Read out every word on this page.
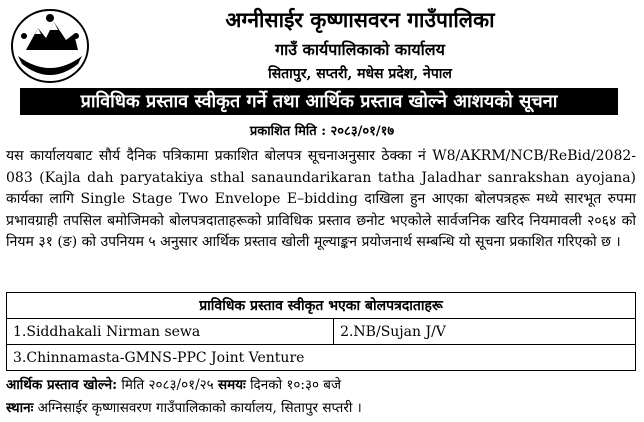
अग्नीसाईर कृष्णासवरन गाउँपालिका
गाउँ कार्यपालिकाको कार्यालय
सितापुर, सप्तरी, मधेस प्रदेश, नेपाल
प्राविधिक प्रस्ताव स्वीकृत गर्ने तथा आर्थिक प्रस्ताव खोल्ने आशयको सूचना
प्रकाशित मिति : २०८३/०१/१७

यस कार्यालयबाट सौर्य दैनिक पत्रिकामा प्रकाशित बोलपत्र सूचनाअनुसार ठेक्का नं W8/AKRM/NCB/ReBid/2082-083 (Kajla dah paryatakiya sthal sanaundarikaran tatha Jaladhar sanrakshan ayojana) कार्यका लागि Single Stage Two Envelope E–bidding दाखिला हुन आएका बोलपत्रहरू मध्ये सारभूत रुपमा प्रभावग्राही तपसिल बमोजिमको बोलपत्रदाताहरूको प्राविधिक प्रस्ताव छनोट भएकोले सार्वजनिक खरिद नियमावली २०६४ को नियम ३१ (ङ) को उपनियम ५ अनुसार आर्थिक प्रस्ताव खोली मूल्याङ्कन प्रयोजनार्थ सम्बन्धि यो सूचना प्रकाशित गरिएको छ ।

प्राविधिक प्रस्ताव स्वीकृत भएका बोलपत्रदाताहरू
1.Siddhakali Nirman sewa	2.NB/Sujan J/V
3.Chinnamasta-GMNS-PPC Joint Venture
आर्थिक प्रस्ताव खोल्ने: मिति २०८३/०१/२५ समयः दिनको १०:३० बजे
स्थानः अग्निसाईर कृष्णासवरण गाउँपालिकाको कार्यालय, सितापुर सप्तरी ।
